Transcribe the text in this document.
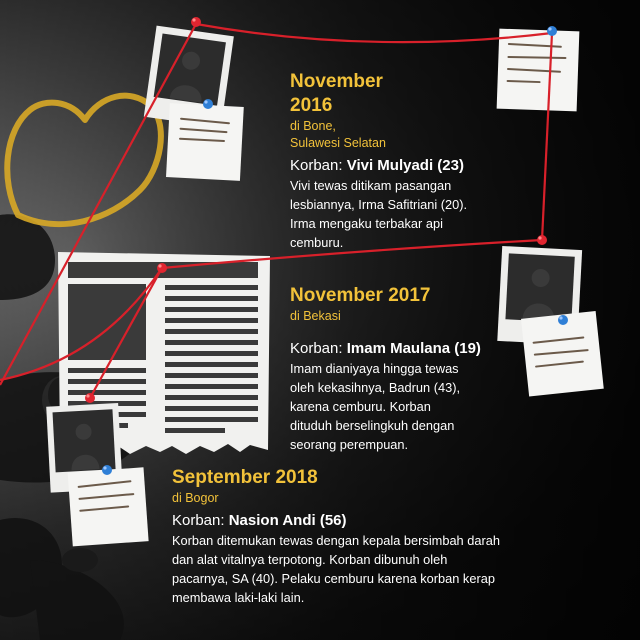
November
2016
di Bone,
Sulawesi Selatan
Korban: Vivi Mulyadi (23)
Vivi tewas ditikam pasangan
lesbiannya, Irma Safitriani (20).
Irma mengaku terbakar api
cemburu.
November 2017
di Bekasi
Korban: Imam Maulana (19)
Imam dianiyaya hingga tewas
oleh kekasihnya, Badrun (43),
karena cemburu. Korban
dituduh berselingkuh dengan
seorang perempuan.
September 2018
di Bogor
Korban: Nasion Andi (56)
Korban ditemukan tewas dengan kepala bersimbah darah
dan alat vitalnya terpotong. Korban dibunuh oleh
pacarnya, SA (40). Pelaku cemburu karena korban kerap
membawa laki-laki lain.
